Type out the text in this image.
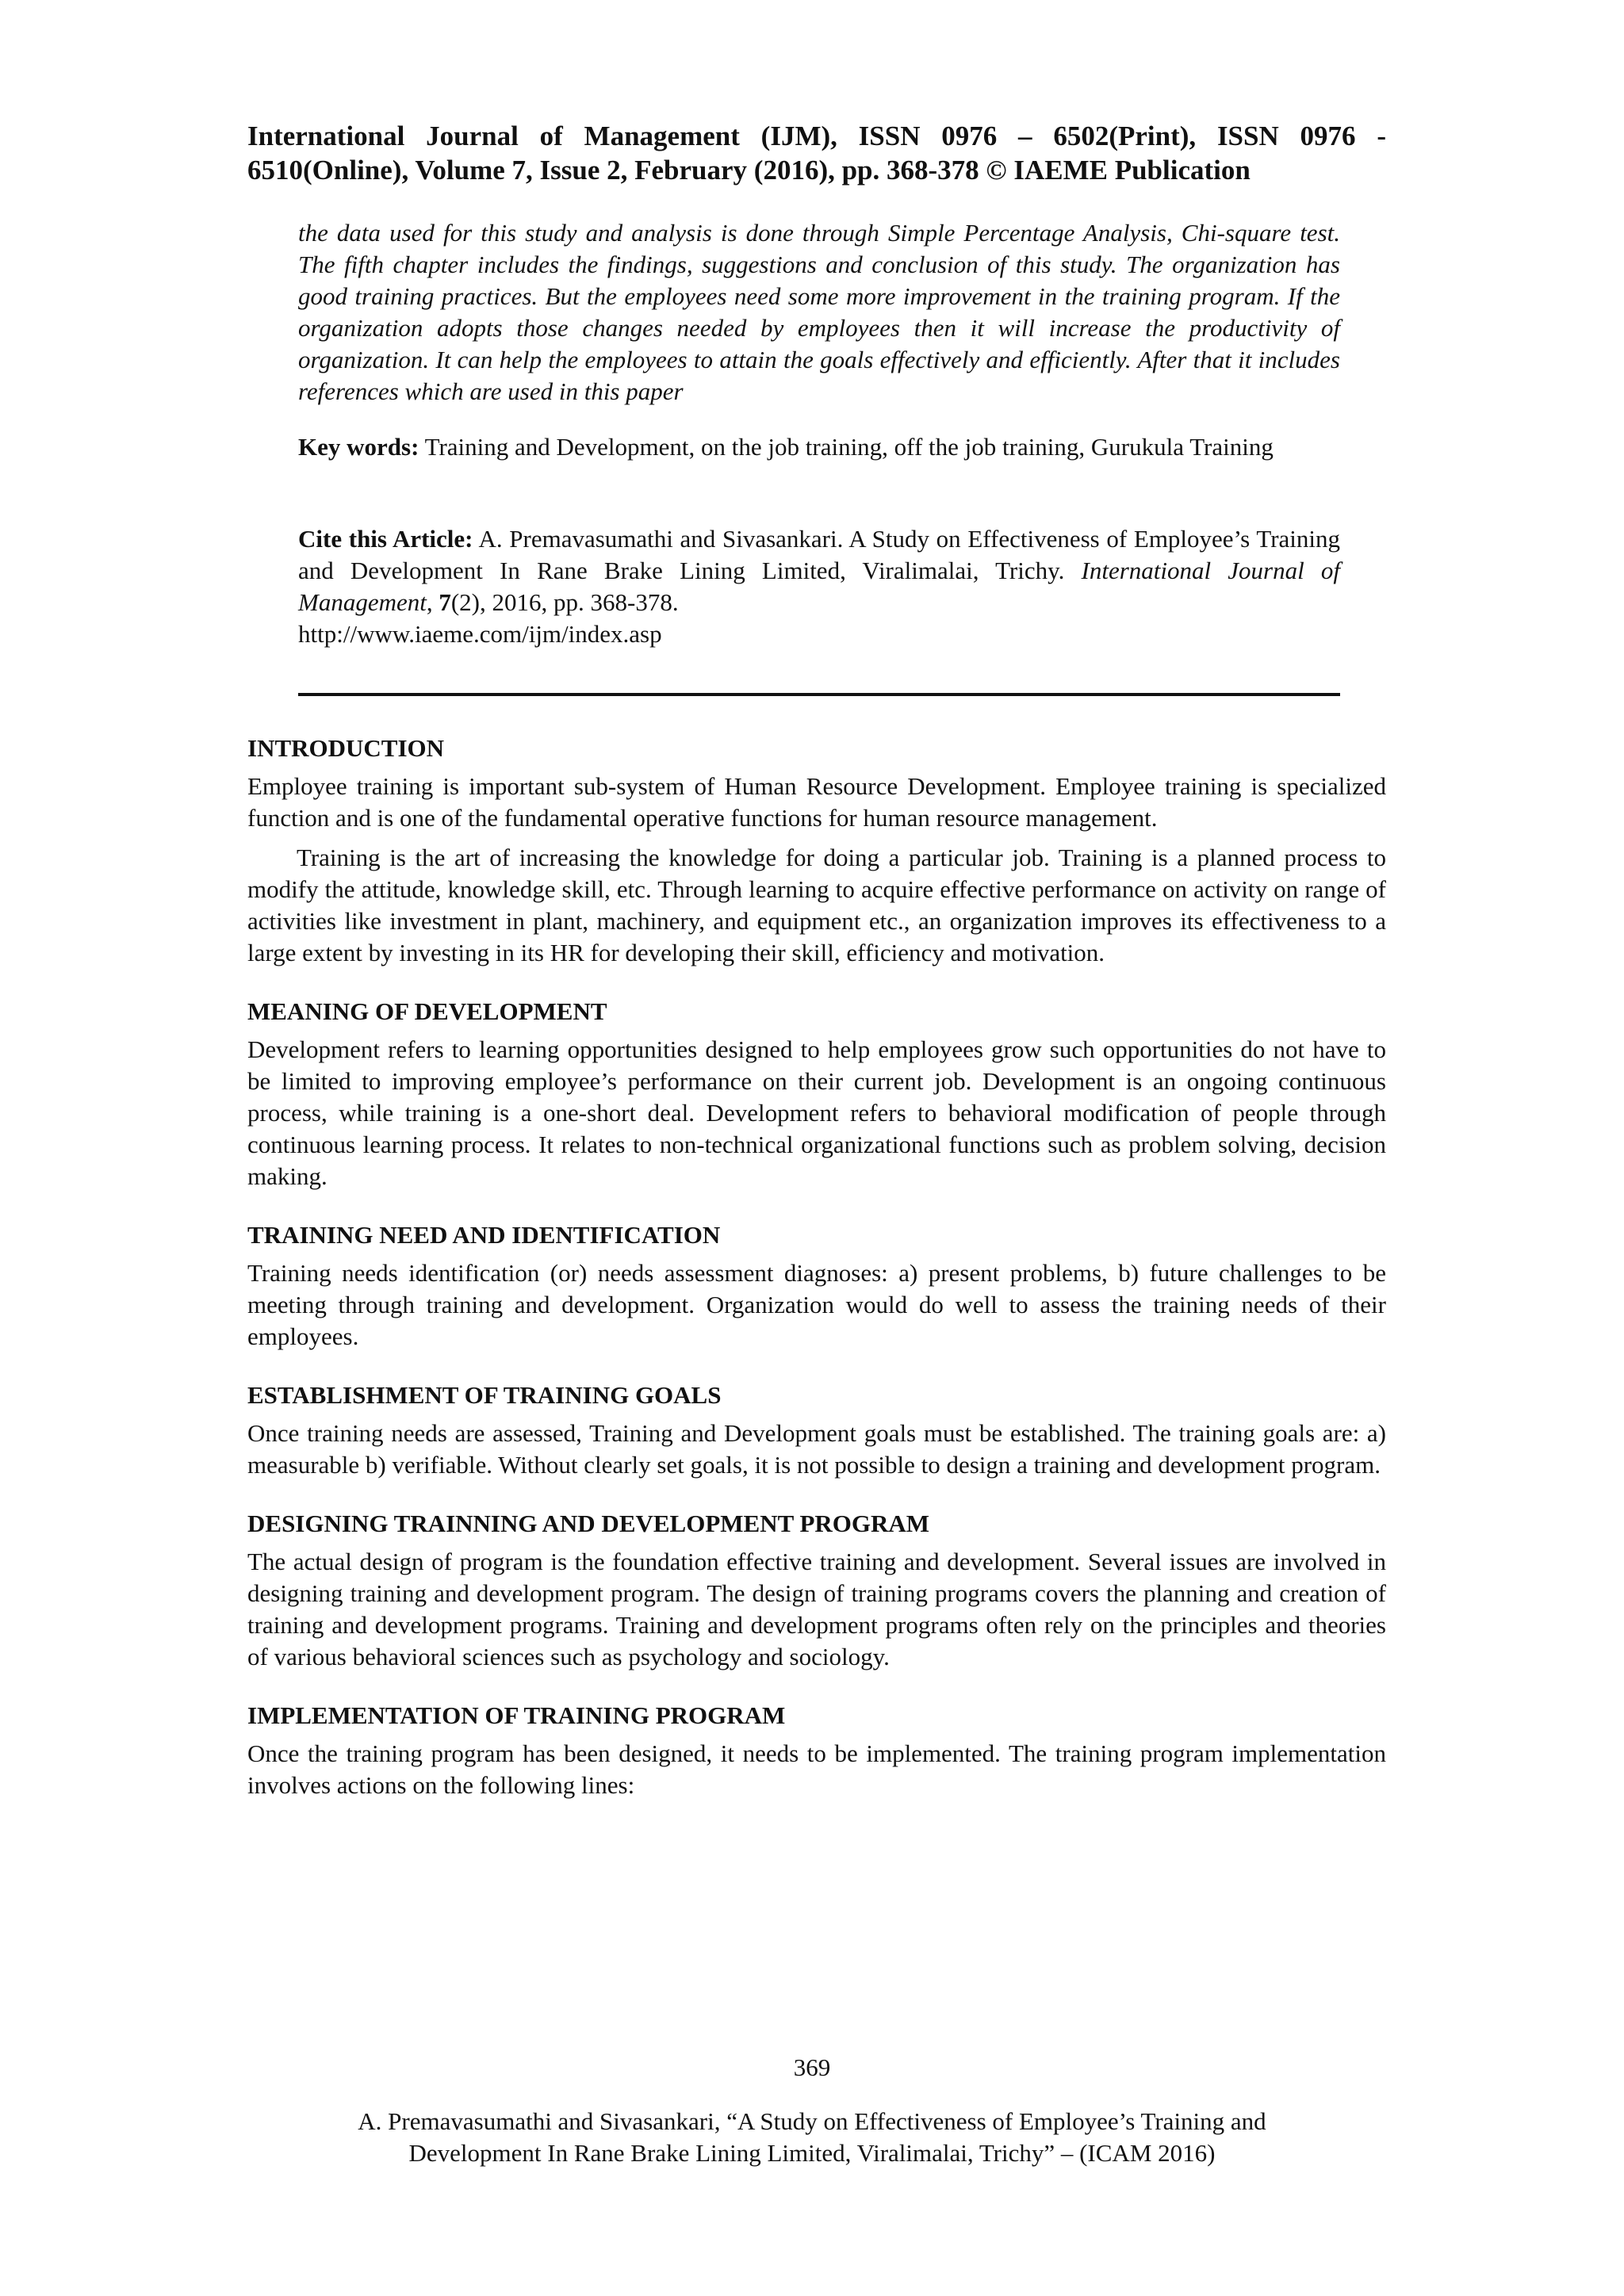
International Journal of Management (IJM), ISSN 0976 – 6502(Print), ISSN 0976 - 6510(Online), Volume 7, Issue 2, February (2016), pp. 368-378 © IAEME Publication

the data used for this study and analysis is done through Simple Percentage Analysis, Chi-square test. The fifth chapter includes the findings, suggestions and conclusion of this study. The organization has good training practices. But the employees need some more improvement in the training program. If the organization adopts those changes needed by employees then it will increase the productivity of organization. It can help the employees to attain the goals effectively and efficiently. After that it includes references which are used in this paper

Key words: Training and Development, on the job training, off the job training, Gurukula Training

Cite this Article: A. Premavasumathi and Sivasankari. A Study on Effectiveness of Employee’s Training and Development In Rane Brake Lining Limited, Viralimalai, Trichy. International Journal of Management, 7(2), 2016, pp. 368-378.
http://www.iaeme.com/ijm/index.asp

INTRODUCTION

Employee training is important sub-system of Human Resource Development. Employee training is specialized function and is one of the fundamental operative functions for human resource management.

Training is the art of increasing the knowledge for doing a particular job. Training is a planned process to modify the attitude, knowledge skill, etc. Through learning to acquire effective performance on activity on range of activities like investment in plant, machinery, and equipment etc., an organization improves its effectiveness to a large extent by investing in its HR for developing their skill, efficiency and motivation.

MEANING OF DEVELOPMENT

Development refers to learning opportunities designed to help employees grow such opportunities do not have to be limited to improving employee’s performance on their current job. Development is an ongoing continuous process, while training is a one-short deal. Development refers to behavioral modification of people through continuous learning process. It relates to non-technical organizational functions such as problem solving, decision making.

TRAINING NEED AND IDENTIFICATION

Training needs identification (or) needs assessment diagnoses: a) present problems, b) future challenges to be meeting through training and development. Organization would do well to assess the training needs of their employees.

ESTABLISHMENT OF TRAINING GOALS

Once training needs are assessed, Training and Development goals must be established. The training goals are: a) measurable b) verifiable. Without clearly set goals, it is not possible to design a training and development program.

DESIGNING TRAINNING AND DEVELOPMENT PROGRAM

The actual design of program is the foundation effective training and development. Several issues are involved in designing training and development program. The design of training programs covers the planning and creation of training and development programs. Training and development programs often rely on the principles and theories of various behavioral sciences such as psychology and sociology.

IMPLEMENTATION OF TRAINING PROGRAM

Once the training program has been designed, it needs to be implemented. The training program implementation involves actions on the following lines:

369
A. Premavasumathi and Sivasankari, “A Study on Effectiveness of Employee’s Training and
Development In Rane Brake Lining Limited, Viralimalai, Trichy” – (ICAM 2016)
